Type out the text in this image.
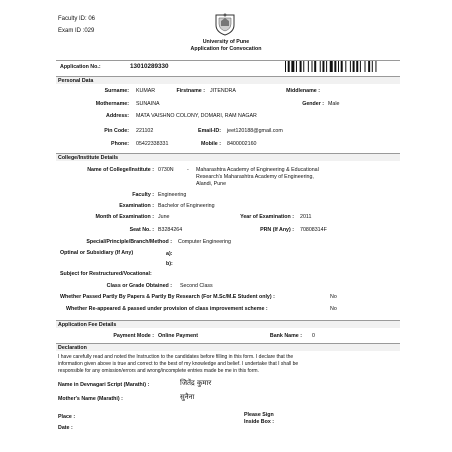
Faculty ID: 06
Exam ID :029
University of Pune
Application for Convocation
Application No.:	13010289330
Personal Data
Surname: KUMAR	Firstname : JITENDRA	Middlename :
Mothername: SUNAINA	Gender : Male
Address: MATA VAISHNO COLONY, DOMARI, RAM NAGAR
Pin Code: 221102	Email-ID: jeet120188@gmail.com
Phone: 05422338331	Mobile : 8400002160
College/Institute Details
Name of College/Institute : 0730N	- Maharashtra Academy of Engineering & Educational
Research's Maharashtra Academy of Engineering,
Alandi, Pune
Faculty : Engineering
Examination : Bachelor of Engineering
Month of Examination : June	Year of Examination : 2011
Seat No. : B3284264	PRN (If Any) : 70808314F
Special/Principle/Branch/Method : Computer Engineering
Optinal or Subsidiary (If Any)	a):
b):
Subject for Restructured/Vocational:
Class or Grade Obtained : Second Class
Whether Passed Partly By Papers & Partly By Research (For M.Sc/M.E Student only) :	No
Whether Re-appeared & passed under provision of class improvement scheme :	No
Application Fee Details
Payment Mode : Online Payment	Bank Name : 0
Declaration
I have carefully read and noted the Instruction to the candidates before filling in this form. I declare that the
information given above is true and correct to the best of my knowledge and belief. I undertake that I shall be
responsible for any omission/errors and wrong/incomplete entries made be me in this form.
Name in Devnagari Script (Marathi) :	जितेंद्र कुमार
Mother's Name (Marathi) :	सुनैना
Place :
Date :
Please Sign
Inside Box :
